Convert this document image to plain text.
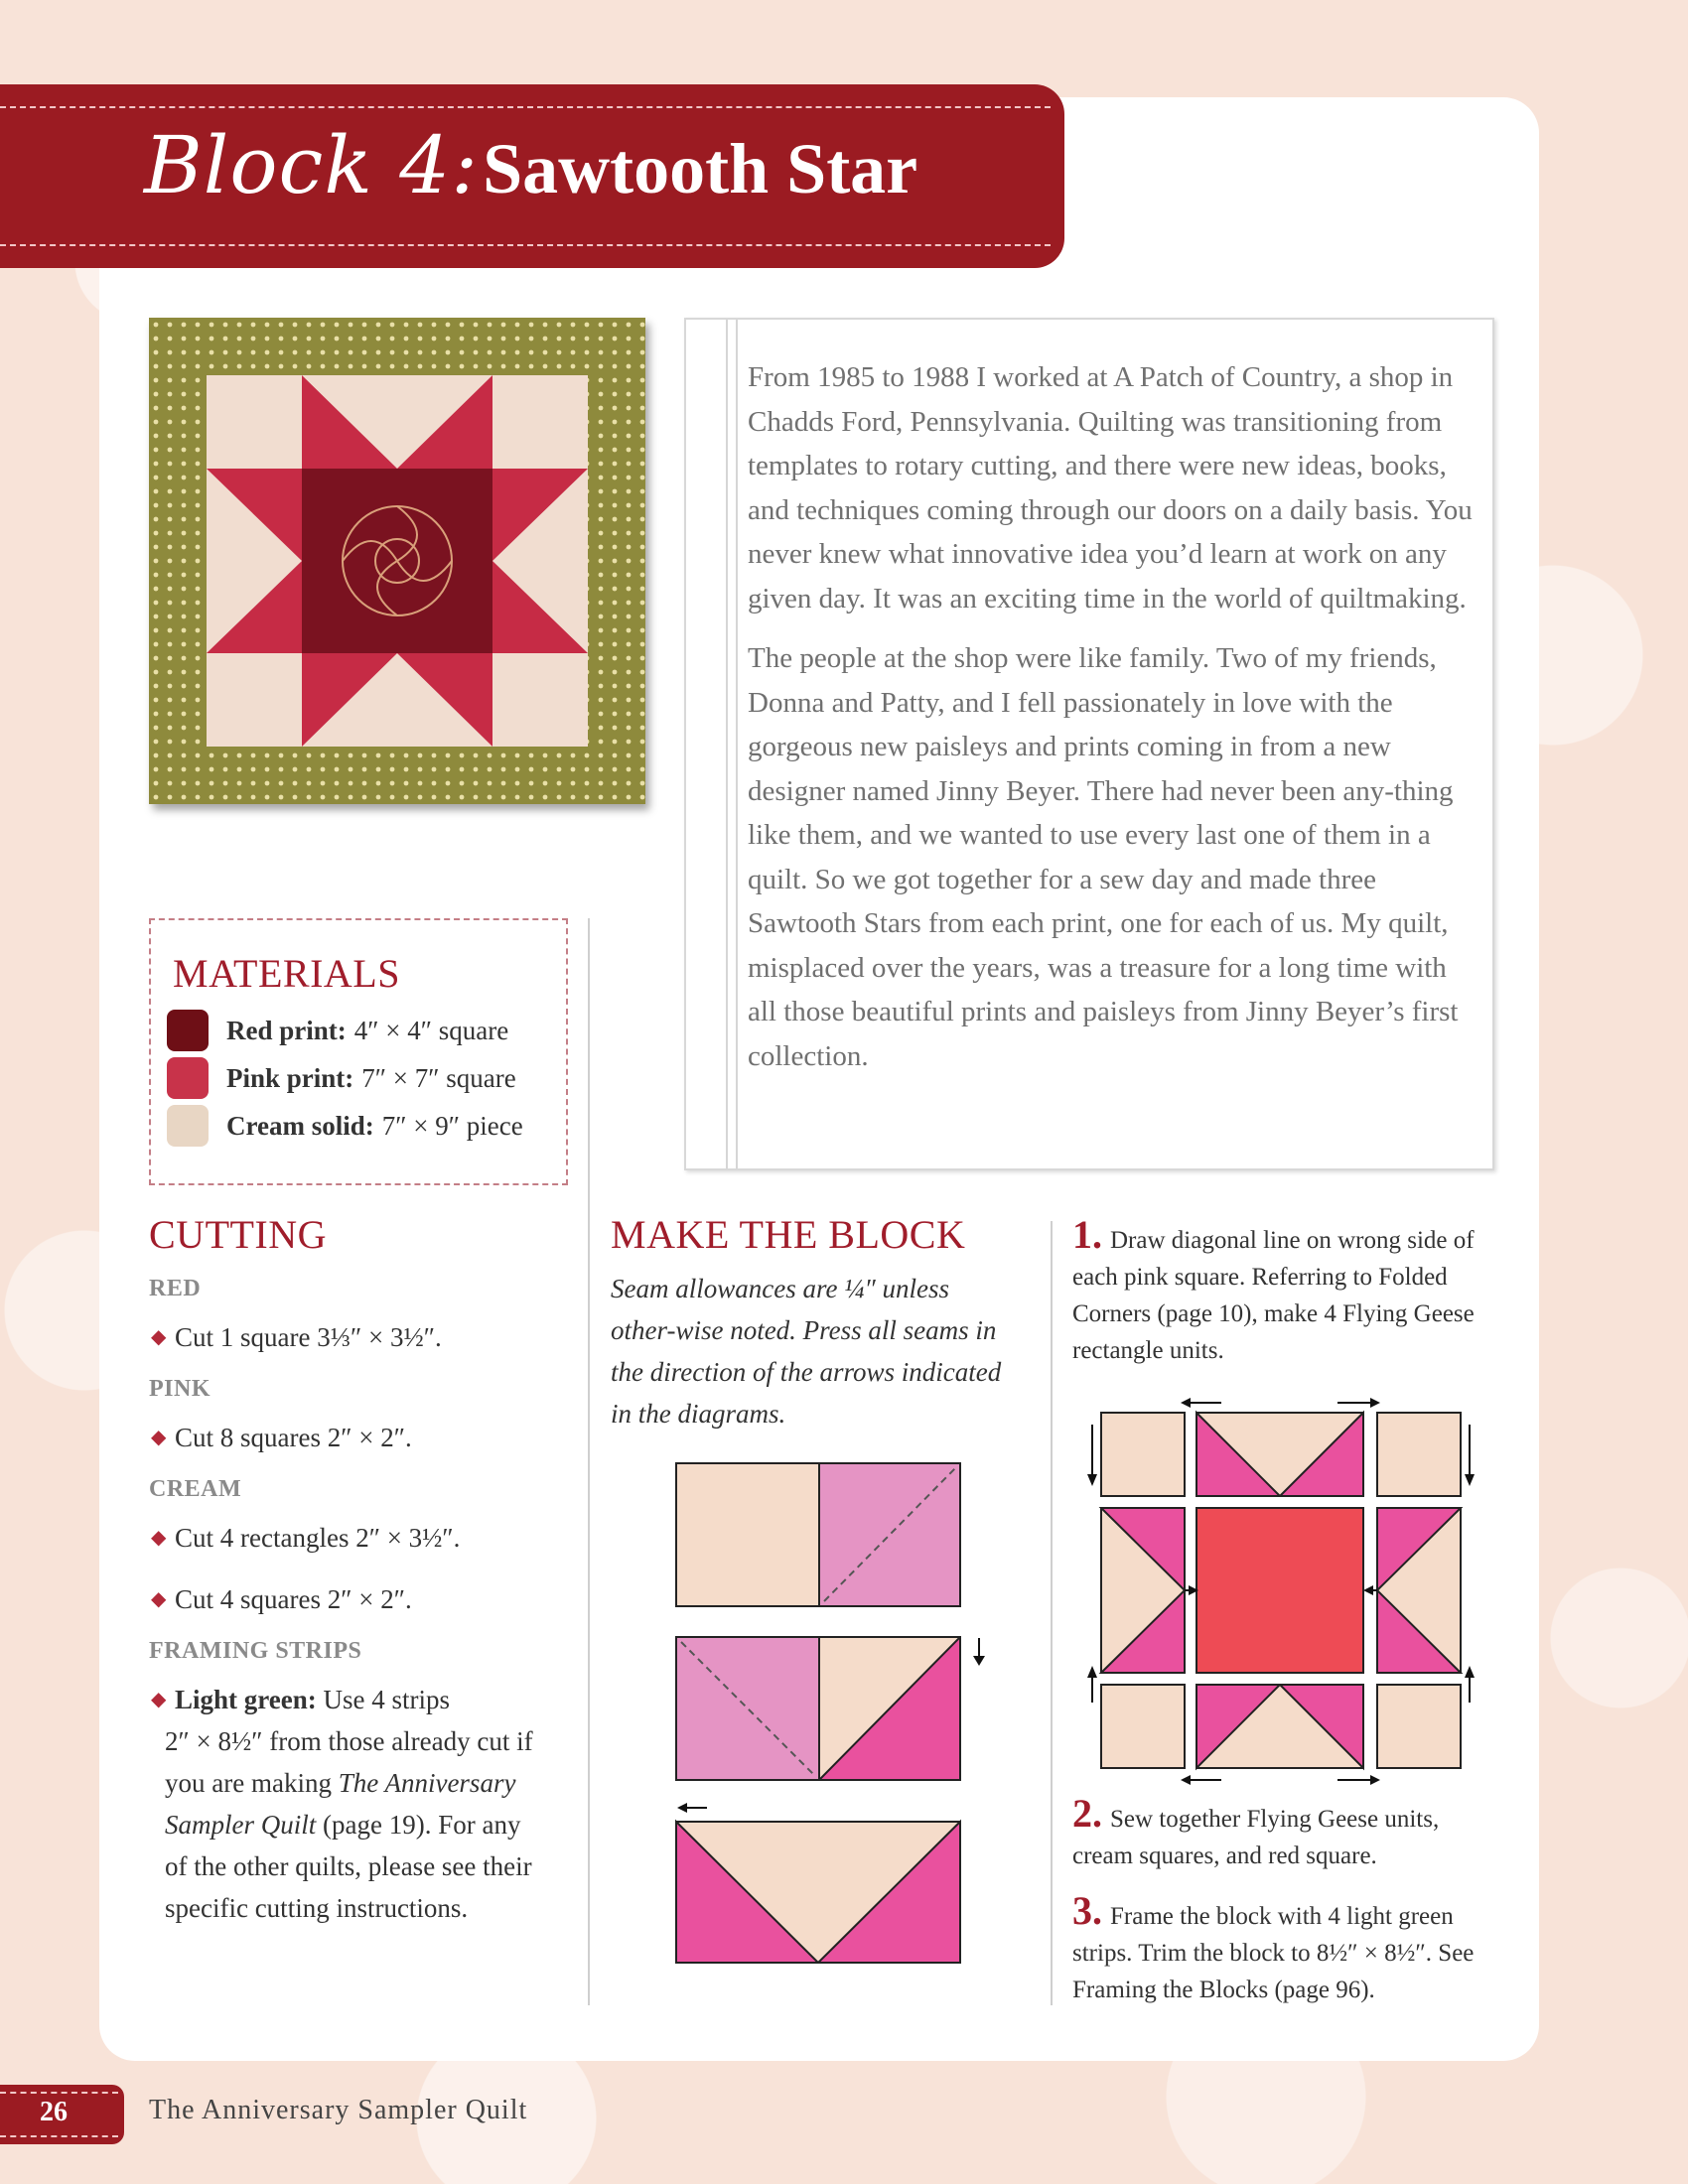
Block 4: Sawtooth Star

From 1985 to 1988 I worked at A Patch of Country, a shop in Chadds Ford, Pennsylvania. Quilting was transitioning from templates to rotary cutting, and there were new ideas, books, and techniques coming through our doors on a daily basis. You never knew what innovative idea you’d learn at work on any given day. It was an exciting time in the world of quiltmaking.

The people at the shop were like family. Two of my friends, Donna and Patty, and I fell passionately in love with the gorgeous new paisleys and prints coming in from a new designer named Jinny Beyer. There had never been any-thing like them, and we wanted to use every last one of them in a quilt. So we got together for a sew day and made three Sawtooth Stars from each print, one for each of us. My quilt, misplaced over the years, was a treasure for a long time with all those beautiful prints and paisleys from Jinny Beyer’s first collection.

MATERIALS
Red print: 4″ × 4″ square
Pink print: 7″ × 7″ square
Cream solid: 7″ × 9″ piece
CUTTING
RED
◆ Cut 1 square 3⅓″ × 3½″.
PINK
◆ Cut 8 squares 2″ × 2″.
CREAM
◆ Cut 4 rectangles 2″ × 3½″.
◆ Cut 4 squares 2″ × 2″.
FRAMING STRIPS
◆ Light green: Use 4 strips
2″ × 8½″ from those already cut if
you are making The Anniversary
Sampler Quilt (page 19). For any
of the other quilts, please see their
specific cutting instructions.
MAKE THE BLOCK
Seam allowances are ¼″ unless other-wise noted. Press all seams in the direction of the arrows indicated in the diagrams.
1. Draw diagonal line on wrong side of each pink square. Referring to Folded Corners (page 10), make 4 Flying Geese rectangle units.
2. Sew together Flying Geese units, cream squares, and red square.
3. Frame the block with 4 light green strips. Trim the block to 8½″ × 8½″. See Framing the Blocks (page 96).
26	The Anniversary Sampler Quilt
